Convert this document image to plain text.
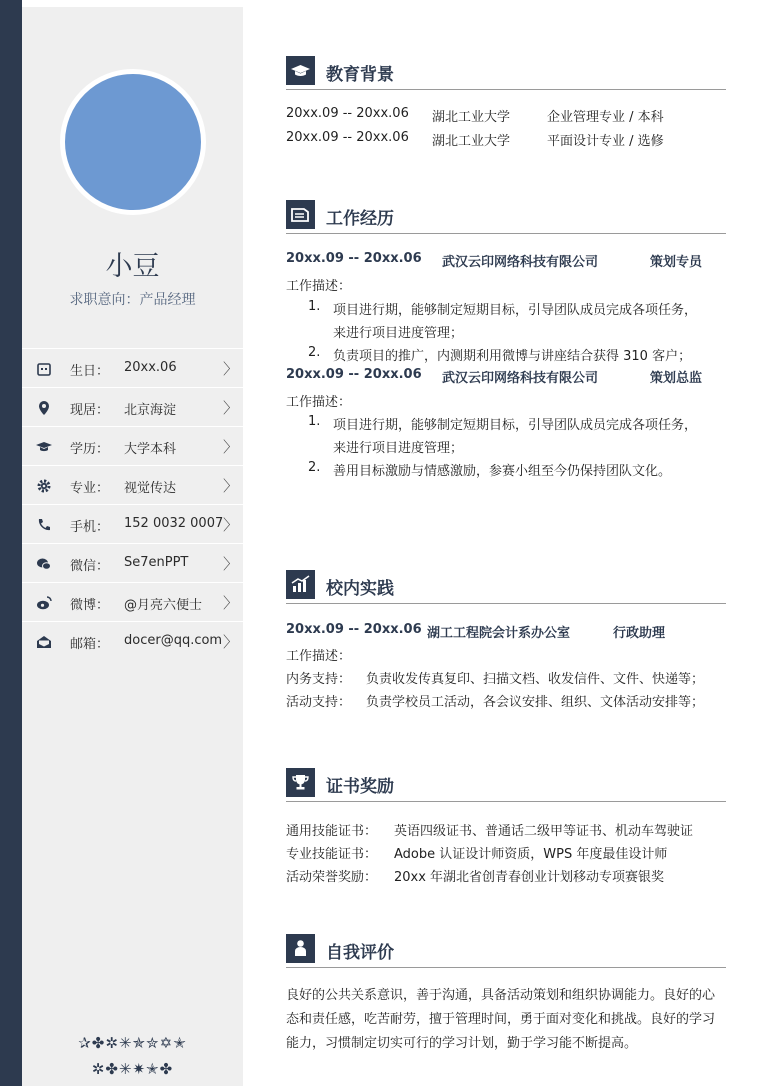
小豆
求职意向：产品经理
生日： 20xx.06	〉
现居： 北京海淀	〉
学历： 大学本科	〉
专业： 视觉传达	〉
手机： 152 0032 0007 〉
微信： Se7enPPT 〉
微博： @月亮六便士 〉
邮箱： docer@qq.com 〉
✰✤✲✳✯✮✡✭
✲✤✳✷✭✤
教育背景
20xx.09 -- 20xx.06 湖北工业大学	企业管理专业 / 本科
20xx.09 -- 20xx.06 湖北工业大学	平面设计专业 / 选修
工作经历
20xx.09 -- 20xx.06 武汉云印网络科技有限公司	策划专员
工作描述：
1. 项目进行期，能够制定短期目标，引导团队成员完成各项任务，
来进行项目进度管理；
2. 负责项目的推广，内测期利用微博与讲座结合获得 310 客户；
20xx.09 -- 20xx.06 武汉云印网络科技有限公司	策划总监
工作描述：
1. 项目进行期，能够制定短期目标，引导团队成员完成各项任务，
来进行项目进度管理；
2. 善用目标激励与情感激励，参赛小组至今仍保持团队文化。
校内实践
20xx.09 -- 20xx.06 湖工工程院会计系办公室	行政助理
工作描述：
内务支持： 负责收发传真复印、扫描文档、收发信件、文件、快递等；
活动支持： 负责学校员工活动，各会议安排、组织、文体活动安排等；
证书奖励
通用技能证书： 英语四级证书、普通话二级甲等证书、机动车驾驶证
专业技能证书： Adobe 认证设计师资质，WPS 年度最佳设计师
活动荣誉奖励： 20xx 年湖北省创青春创业计划移动专项赛银奖
自我评价
良好的公共关系意识，善于沟通，具备活动策划和组织协调能力。良好的心态和责任感，吃苦耐劳，擅于管理时间，勇于面对变化和挑战。良好的学习能力，习惯制定切实可行的学习计划，勤于学习能不断提高。
